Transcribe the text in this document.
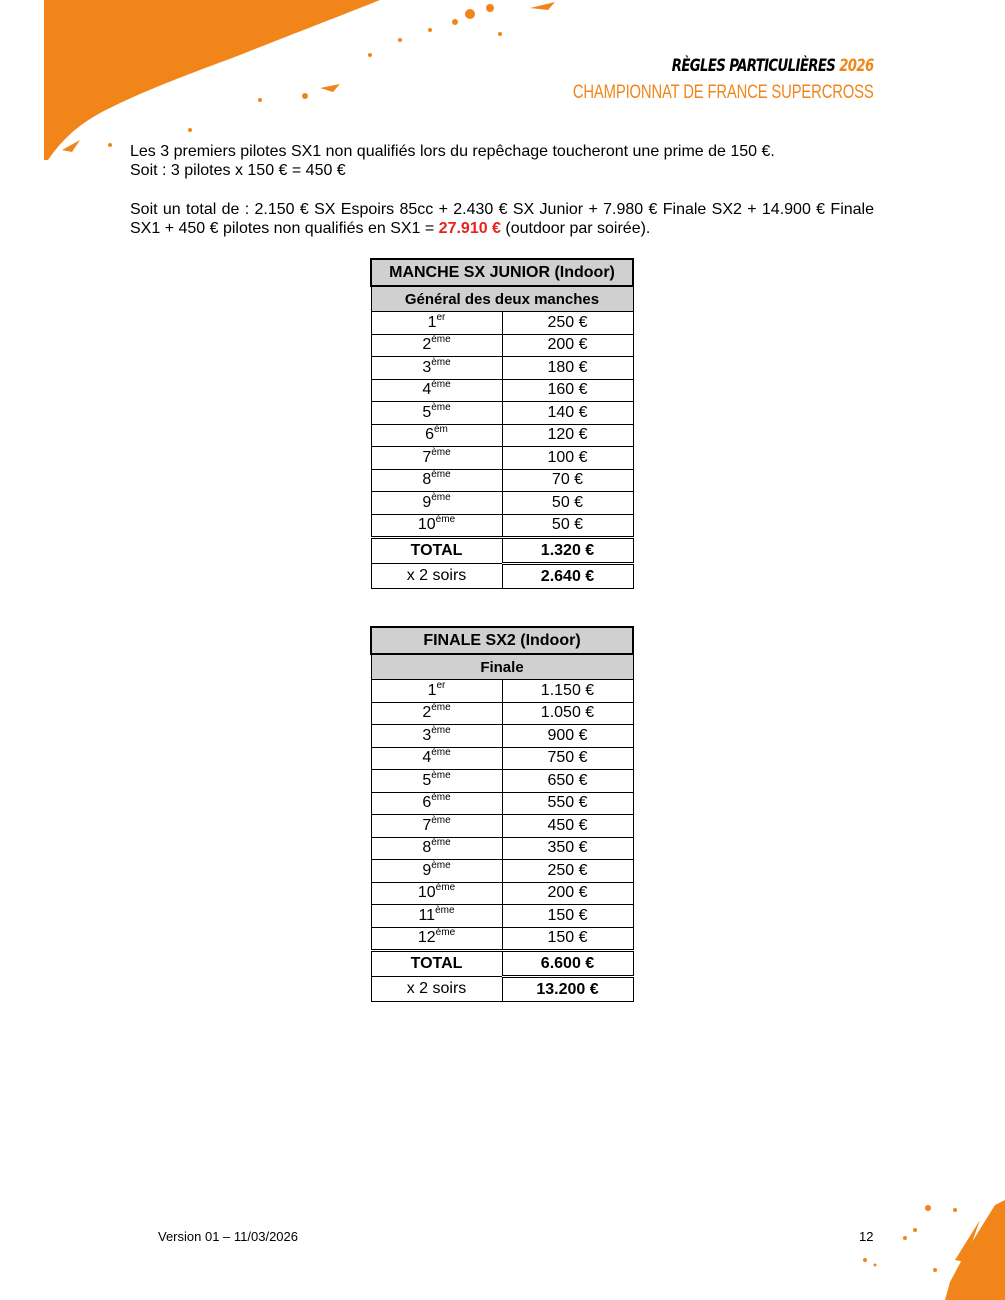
RÈGLES PARTICULIÈRES 2026
CHAMPIONNAT DE FRANCE SUPERCROSS
Les 3 premiers pilotes SX1 non qualifiés lors du repêchage toucheront une prime de 150 €.
Soit : 3 pilotes x 150 € = 450 €
Soit un total de : 2.150 € SX Espoirs 85cc + 2.430 € SX Junior + 7.980 € Finale SX2 + 14.900 € Finale SX1 + 450 € pilotes non qualifiés en SX1 = 27.910 € (outdoor par soirée).
MANCHE SX JUNIOR (Indoor)	
Général des deux manches	
1er	250 €
2ème	200 €
3ème	180 €
4ème	160 €
5ème	140 €
$6^{èm}$	120 €
7ème	100 €
8ème	70 €
9ème	50 €
10ème	50 €
TOTAL	1.320 €
x 2 soirs	2.640 €
FINALE SX2 (Indoor)	
Finale	
1er	1.150 €
2ème	1.050 €
3ème	900 €
4ème	750 €
5ème	650 €
6ème	550 €
7ème	450 €
8ème	350 €
9ème	250 €
10ème	200 €
11ème	150 €
12ème	150 €
TOTAL	6.600 €
x 2 soirs	13.200 €
Version 01 – 11/03/2026	12
